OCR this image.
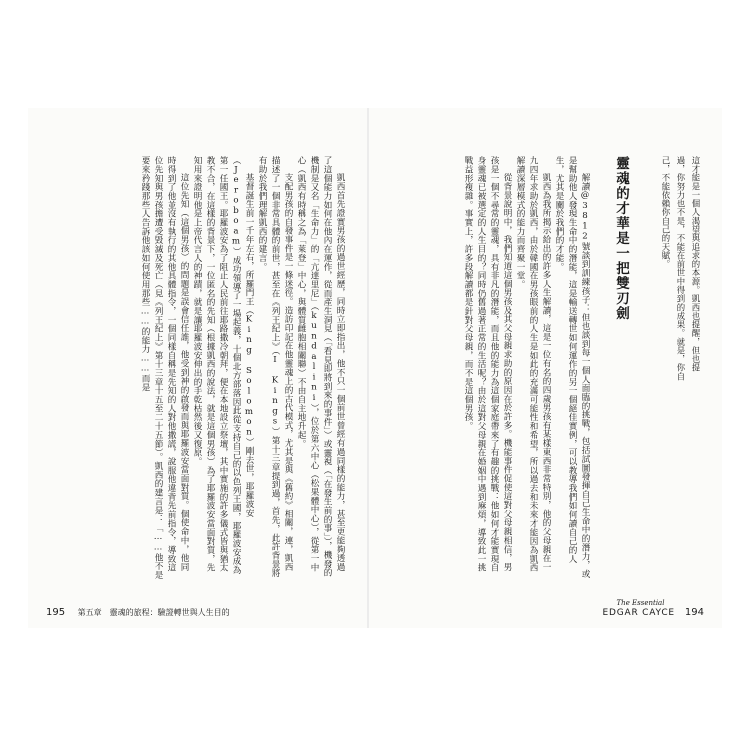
凱西首先證實男孩的過世經歷，同時立即指出，他不只一個前世曾經有過同樣的能力，甚至更能夠透過了這個能力如何在他內在運作，從而產生洞見（「看見即將到來的事件」）或靈視（「在發生前的事」），機發的機制是又名「生命力」的「亢達里尼」（kundalini），位於第六中心（松果體中心），從第一中心（凱西有時稱之為「萊登」中心，與體質雌胞相關聯）不由自主地升起。

支配男孩的自發事件是一條迷徑。造訪印記在他靈魂上的古代模式，尤其是與《舊約》相關，連，凱西描述了一個非常具體的前世，甚至在《列王紀上》（I Kings）第十三章提到過，首先，此許背景將有助於我們理解凱西的建言。

基督誕生前一千年左右，所羅門王（King Solomon）剛去世，耶羅波安（Jeroboam）成功領導了一場起義，十個北方部落因此從支持自己的以色列王國，耶羅波安成為第一任國王。耶羅波安為了阻止人民前往耶路撒冷朝拜，便在本地設立祭壇，其中實施的許多儀式皆與猶太教不合，在這樣的背景下，一位匿名的先知（根據凱西的說法，就是這個男孩）為了耶羅波安當面對質，先知用來證明他是上帝代言人的神蹟，就是讓耶羅波安伸出的手乾枯然後又復原。

這位先知（這個男孩）的問題是誤會信任誰，他受到神的啟發而與耶羅波安當面對質。個使命中，他同時得到了他並沒有執行的其他具體指令，一個同樣自稱是先知的人對他撒謊，說服他違背先前指令，導致這位先知與男孩擔遭受毀滅及死亡（見《列王紀上》第十三章十五至二十五節）。凱西的建言是：「……他不是要來矜踐那些人告訴他該如何使用那些……的能力……而是

195 第五章　靈魂的旅程：驗證轉世與人生目的

這才能是一個人渴望與追求的本源。凱西也提醒，但也提過，你努力也不是，不能在前世中得到的成果。就是，你自己，不能依賴你自己的天賦。

靈魂的才華是一把雙刃劍

解讀@3812號談到訓練孩子：但也談到每一個人面臨的挑戰，包括試圖發揮自己生命中的潛力，或是幫助他人發現生命中的潛能，這是輸送轉世如何運作的另一個絕佳實例，可以教導我們如何讀自己的人生，尤其是關於我們的才能。

凱西為我所揭示給出的許多人生解讀，這是一位有名的四歲男孩有某樣東西非常特別，他的父母親在一九四年求助於凱西，由於韓國在男孩眼前的人生是如此的充滿可能性和希望，所以過去和未來才能因為凱西解讀深層模式的能力而齊聚一堂。

從背景說明中，我們知道這個男孩及其父母親求助的原因在於許多。機能事件促使這對父母親相信，男孩是一個不尋常的靈魂，具有非凡的潛能，而且他的能力為這個家庭帶來了有趣的挑戰：他如何才能實現自身靈魂已被選定的人生目的？同時仍舊過著正常的生活呢？由於這對父母親在婚姻中遇到麻煩，導致此一挑戰益形複雜。事實上，許多段解讀都是針對父母親，而不是這個男孩。

The Essential
EDGAR CAYCE 194
